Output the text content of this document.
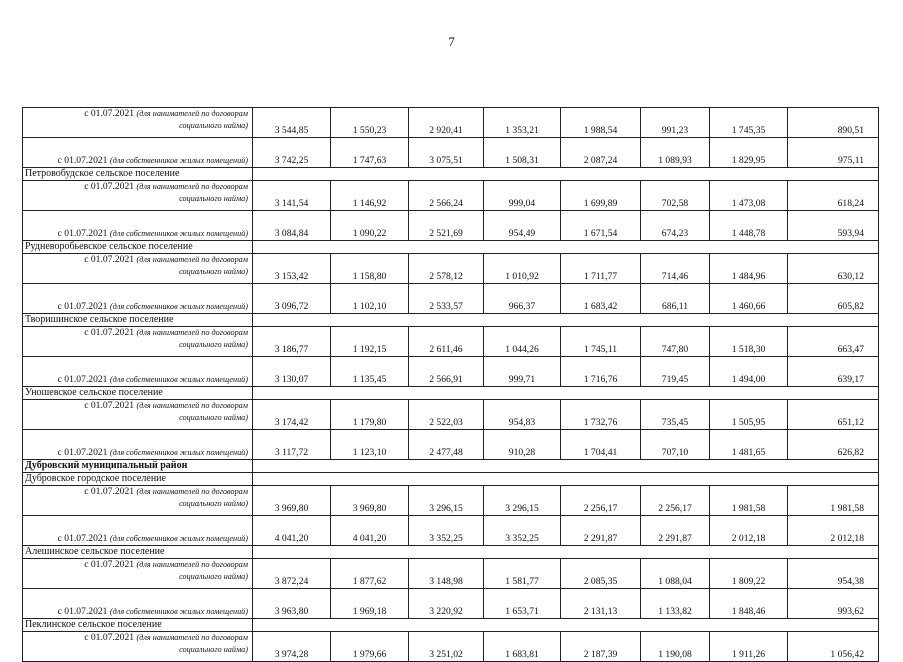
7
с 01.07.2021 (для нанимателей по договорам
социального найма)	3 544,85	1 550,23	2 920,41	1 353,21	1 988,54	991,23	1 745,35	890,51
с 01.07.2021 (для собственников жилых помещений)	3 742,25	1 747,63	3 075,51	1 508,31	2 087,24	1 089,93	1 829,95	975,11
Петровобудское сельское поселение								

с 01.07.2021 (для нанимателей по договорам
социального найма)	3 141,54	1 146,92	2 566,24	999,04	1 699,89	702,58	1 473,08	618,24
с 01.07.2021 (для собственников жилых помещений)	3 084,84	1 090,22	2 521,69	954,49	1 671,54	674,23	1 448,78	593,94
Рудневоробьевское сельское поселение								

с 01.07.2021 (для нанимателей по договорам
социального найма)	3 153,42	1 158,80	2 578,12	1 010,92	1 711,77	714,46	1 484,96	630,12
с 01.07.2021 (для собственников жилых помещений)	3 096,72	1 102,10	2 533,57	966,37	1 683,42	686,11	1 460,66	605,82
Творишинское сельское поселение								

с 01.07.2021 (для нанимателей по договорам
социального найма)	3 186,77	1 192,15	2 611,46	1 044,26	1 745,11	747,80	1 518,30	663,47
с 01.07.2021 (для собственников жилых помещений)	3 130,07	1 135,45	2 566,91	999,71	1 716,76	719,45	1 494,00	639,17
Уношевское сельское поселение								

с 01.07.2021 (для нанимателей по договорам
социального найма)	3 174,42	1 179,80	2 522,03	954,83	1 732,76	735,45	1 505,95	651,12
с 01.07.2021 (для собственников жилых помещений)	3 117,72	1 123,10	2 477,48	910,28	1 704,41	707,10	1 481,65	626,82
Дубровский муниципальный район								
Дубровское городское поселение								

с 01.07.2021 (для нанимателей по договорам
социального найма)	3 969,80	3 969,80	3 296,15	3 296,15	2 256,17	2 256,17	1 981,58	1 981,58
с 01.07.2021 (для собственников жилых помещений)	4 041,20	4 041,20	3 352,25	3 352,25	2 291,87	2 291,87	2 012,18	2 012,18
Алешинское сельское поселение								

с 01.07.2021 (для нанимателей по договорам
социального найма)	3 872,24	1 877,62	3 148,98	1 581,77	2 085,35	1 088,04	1 809,22	954,38
с 01.07.2021 (для собственников жилых помещений)	3 963,80	1 969,18	3 220,92	1 653,71	2 131,13	1 133,82	1 848,46	993,62
Пеклинское сельское поселение								

с 01.07.2021 (для нанимателей по договорам
социального найма)	3 974,28	1 979,66	3 251,02	1 683,81	2 187,39	1 190,08	1 911,26	1 056,42
